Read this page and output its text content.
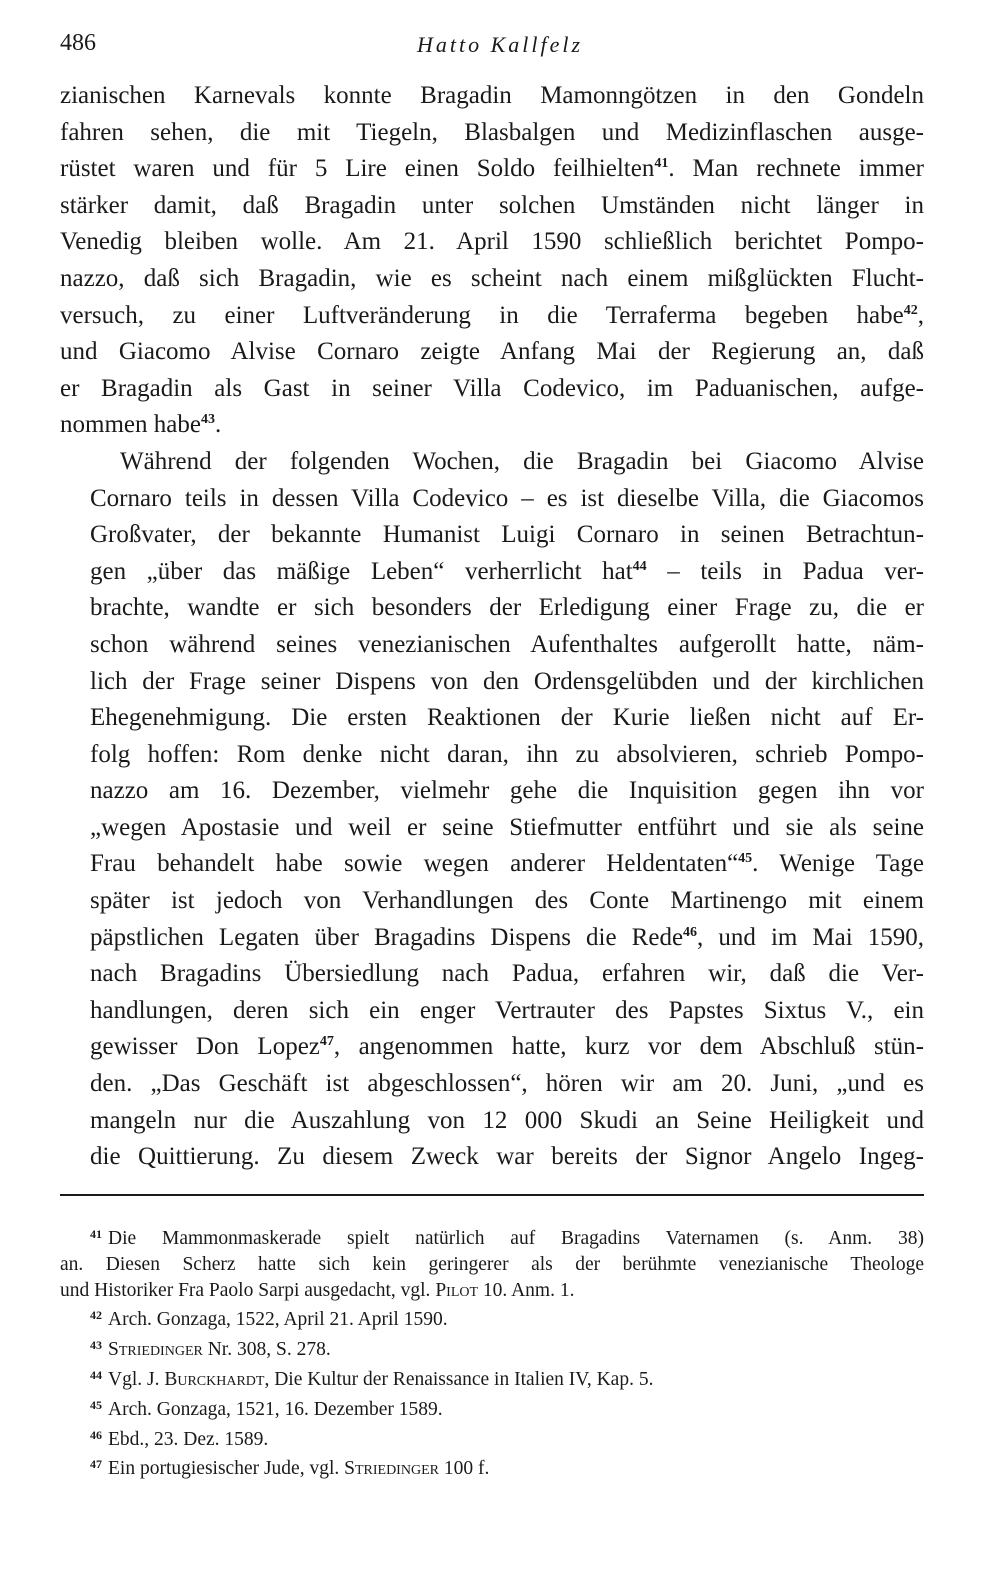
486	Hatto Kallfelz

zianischen Karnevals konnte Bragadin Mamonngötzen in den Gondeln
fahren sehen, die mit Tiegeln, Blasbalgen und Medizinflaschen ausge-
rüstet waren und für 5 Lire einen Soldo feilhielten$^{41}$. Man rechnete immer
stärker damit, daß Bragadin unter solchen Umständen nicht länger in
Venedig bleiben wolle. Am 21. April 1590 schließlich berichtet Pompo-
nazzo, daß sich Bragadin, wie es scheint nach einem mißglückten Flucht-
versuch, zu einer Luftveränderung in die Terraferma begeben habe$^{42}$,
und Giacomo Alvise Cornaro zeigte Anfang Mai der Regierung an, daß
er Bragadin als Gast in seiner Villa Codevico, im Paduanischen, aufge-
nommen habe$^{43}$.

Während der folgenden Wochen, die Bragadin bei Giacomo Alvise
Cornaro teils in dessen Villa Codevico – es ist dieselbe Villa, die Giacomos
Großvater, der bekannte Humanist Luigi Cornaro in seinen Betrachtun-
gen „über das mäßige Leben“ verherrlicht hat$^{44}$ – teils in Padua ver-
brachte, wandte er sich besonders der Erledigung einer Frage zu, die er
schon während seines venezianischen Aufenthaltes aufgerollt hatte, näm-
lich der Frage seiner Dispens von den Ordensgelübden und der kirchlichen
Ehegenehmigung. Die ersten Reaktionen der Kurie ließen nicht auf Er-
folg hoffen: Rom denke nicht daran, ihn zu absolvieren, schrieb Pompo-
nazzo am 16. Dezember, vielmehr gehe die Inquisition gegen ihn vor
„wegen Apostasie und weil er seine Stiefmutter entführt und sie als seine
Frau behandelt habe sowie wegen anderer Heldentaten“$^{45}$. Wenige Tage
später ist jedoch von Verhandlungen des Conte Martinengo mit einem
päpstlichen Legaten über Bragadins Dispens die Rede$^{46}$, und im Mai 1590,
nach Bragadins Übersiedlung nach Padua, erfahren wir, daß die Ver-
handlungen, deren sich ein enger Vertrauter des Papstes Sixtus V., ein
gewisser Don Lopez$^{47}$, angenommen hatte, kurz vor dem Abschluß stün-
den. „Das Geschäft ist abgeschlossen“, hören wir am 20. Juni, „und es
mangeln nur die Auszahlung von 12 000 Skudi an Seine Heiligkeit und
die Quittierung. Zu diesem Zweck war bereits der Signor Angelo Ingeg-

$^{41}$ Die Mammonmaskerade spielt natürlich auf Bragadins Vaternamen (s. Anm. 38)
an. Diesen Scherz hatte sich kein geringerer als der berühmte venezianische Theologe
und Historiker Fra Paolo Sarpi ausgedacht, vgl. Pilot 10. Anm. 1.
$^{42}$ Arch. Gonzaga, 1522, April 21. April 1590.
$^{43}$ Striedinger Nr. 308, S. 278.
$^{44}$ Vgl. J. Burckhardt, Die Kultur der Renaissance in Italien IV, Kap. 5.
$^{45}$ Arch. Gonzaga, 1521, 16. Dezember 1589.
$^{46}$ Ebd., 23. Dez. 1589.
$^{47}$ Ein portugiesischer Jude, vgl. Striedinger 100 f.
